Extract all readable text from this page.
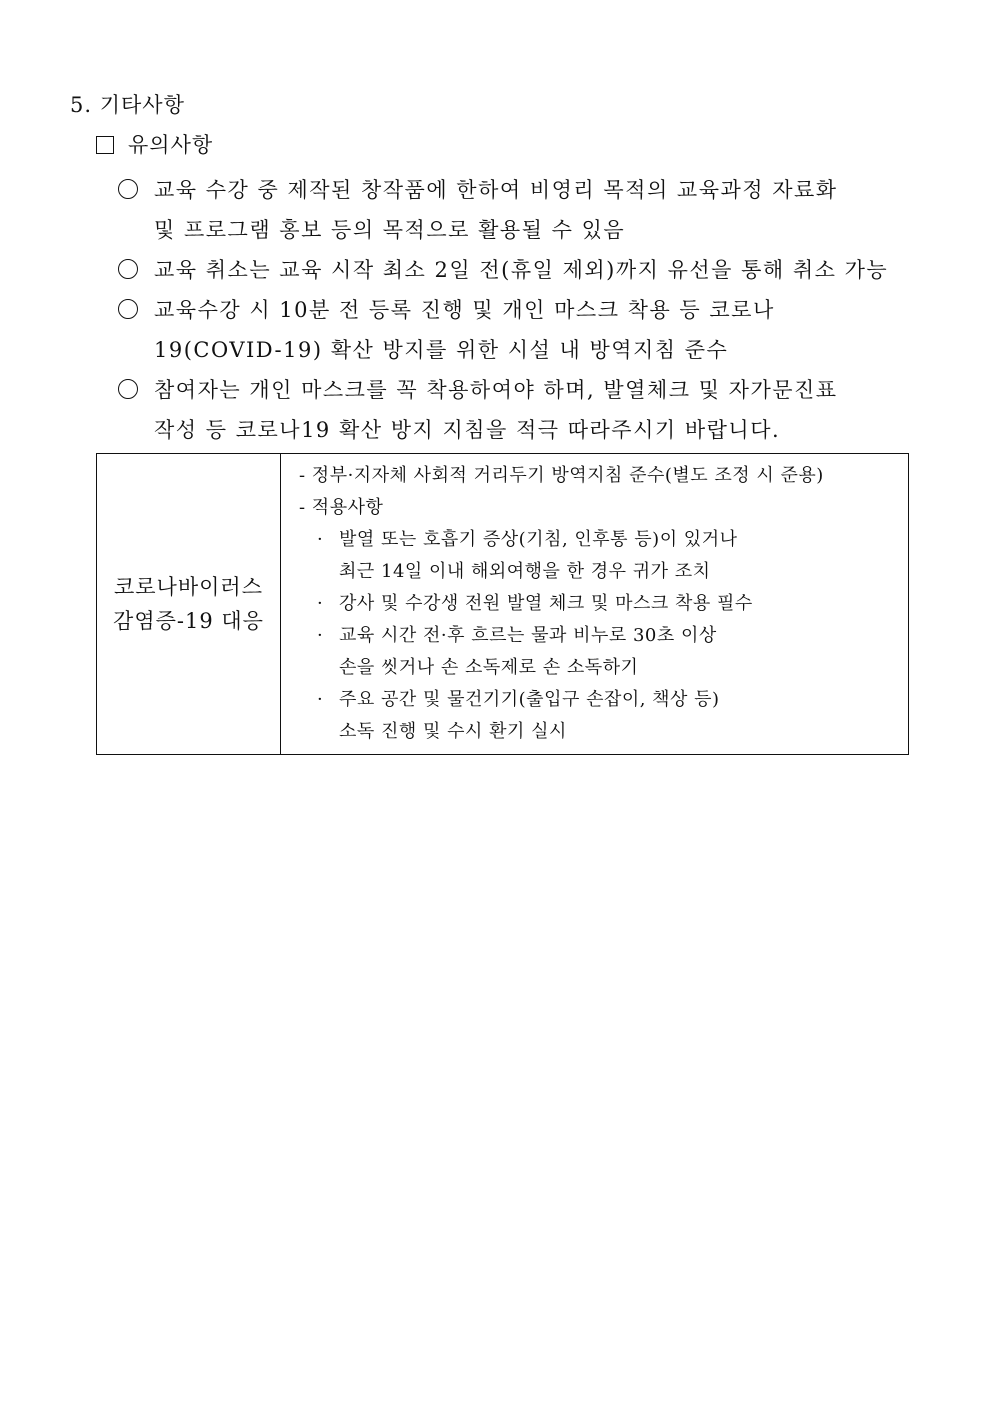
5. 기타사항
유의사항
교육 수강 중 제작된 창작품에 한하여 비영리 목적의 교육과정 자료화
및 프로그램 홍보 등의 목적으로 활용될 수 있음
교육 취소는 교육 시작 최소 2일 전(휴일 제외)까지 유선을 통해 취소 가능
교육수강 시 10분 전 등록 진행 및 개인 마스크 착용 등 코로나
19(COVID-19) 확산 방지를 위한 시설 내 방역지침 준수
참여자는 개인 마스크를 꼭 착용하여야 하며, 발열체크 및 자가문진표
작성 등 코로나19 확산 방지 지침을 적극 따라주시기 바랍니다.
코로나바이러스
감염증-19 대응

- 정부·지자체 사회적 거리두기 방역지침 준수(별도 조정 시 준용)
- 적용사항
· 발열 또는 호흡기 증상(기침, 인후통 등)이 있거나
최근 14일 이내 해외여행을 한 경우 귀가 조치
· 강사 및 수강생 전원 발열 체크 및 마스크 착용 필수
· 교육 시간 전·후 흐르는 물과 비누로 30초 이상
손을 씻거나 손 소독제로 손 소독하기
· 주요 공간 및 물건기기(출입구 손잡이, 책상 등)
소독 진행 및 수시 환기 실시
